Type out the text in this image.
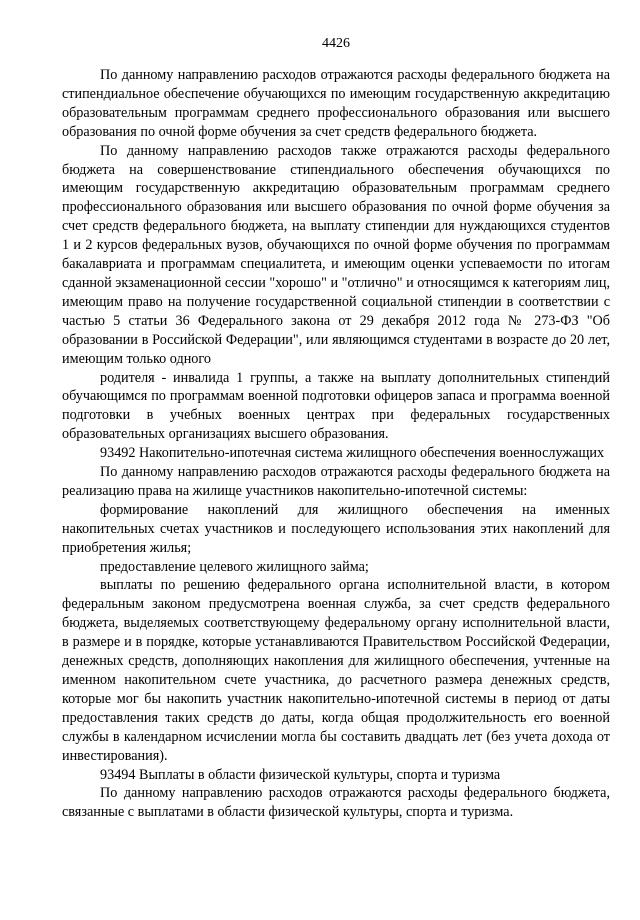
4426

По данному направлению расходов отражаются расходы федерального бюджета на стипендиальное обеспечение обучающихся по имеющим государственную аккредитацию образовательным программам среднего профессионального образования или высшего образования по очной форме обучения за счет средств федерального бюджета.

По данному направлению расходов также отражаются расходы федерального бюджета на совершенствование стипендиального обеспечения обучающихся по имеющим государственную аккредитацию образовательным программам среднего профессионального образования или высшего образования по очной форме обучения за счет средств федерального бюджета, на выплату стипендии для нуждающихся студентов 1 и 2 курсов федеральных вузов, обучающихся по очной форме обучения по программам бакалавриата и программам специалитета, и имеющим оценки успеваемости по итогам сданной экзаменационной сессии "хорошо" и "отлично" и относящимся к категориям лиц, имеющим право на получение государственной социальной стипендии в соответствии с частью 5 статьи 36 Федерального закона от 29 декабря 2012 года № 273-ФЗ "Об образовании в Российской Федерации", или являющимся студентами в возрасте до 20 лет, имеющим только одного

родителя - инвалида 1 группы, а также на выплату дополнительных стипендий обучающимся по программам военной подготовки офицеров запаса и программа военной подготовки в учебных военных центрах при федеральных государственных образовательных организациях высшего образования.

93492 Накопительно-ипотечная система жилищного обеспечения военнослужащих

По данному направлению расходов отражаются расходы федерального бюджета на реализацию права на жилище участников накопительно-ипотечной системы:

формирование накоплений для жилищного обеспечения на именных накопительных счетах участников и последующего использования этих накоплений для приобретения жилья;

предоставление целевого жилищного займа;

выплаты по решению федерального органа исполнительной власти, в котором федеральным законом предусмотрена военная служба, за счет средств федерального бюджета, выделяемых соответствующему федеральному органу исполнительной власти, в размере и в порядке, которые устанавливаются Правительством Российской Федерации, денежных средств, дополняющих накопления для жилищного обеспечения, учтенные на именном накопительном счете участника, до расчетного размера денежных средств, которые мог бы накопить участник накопительно-ипотечной системы в период от даты предоставления таких средств до даты, когда общая продолжительность его военной службы в календарном исчислении могла бы составить двадцать лет (без учета дохода от инвестирования).

93494 Выплаты в области физической культуры, спорта и туризма

По данному направлению расходов отражаются расходы федерального бюджета, связанные с выплатами в области физической культуры, спорта и туризма.
